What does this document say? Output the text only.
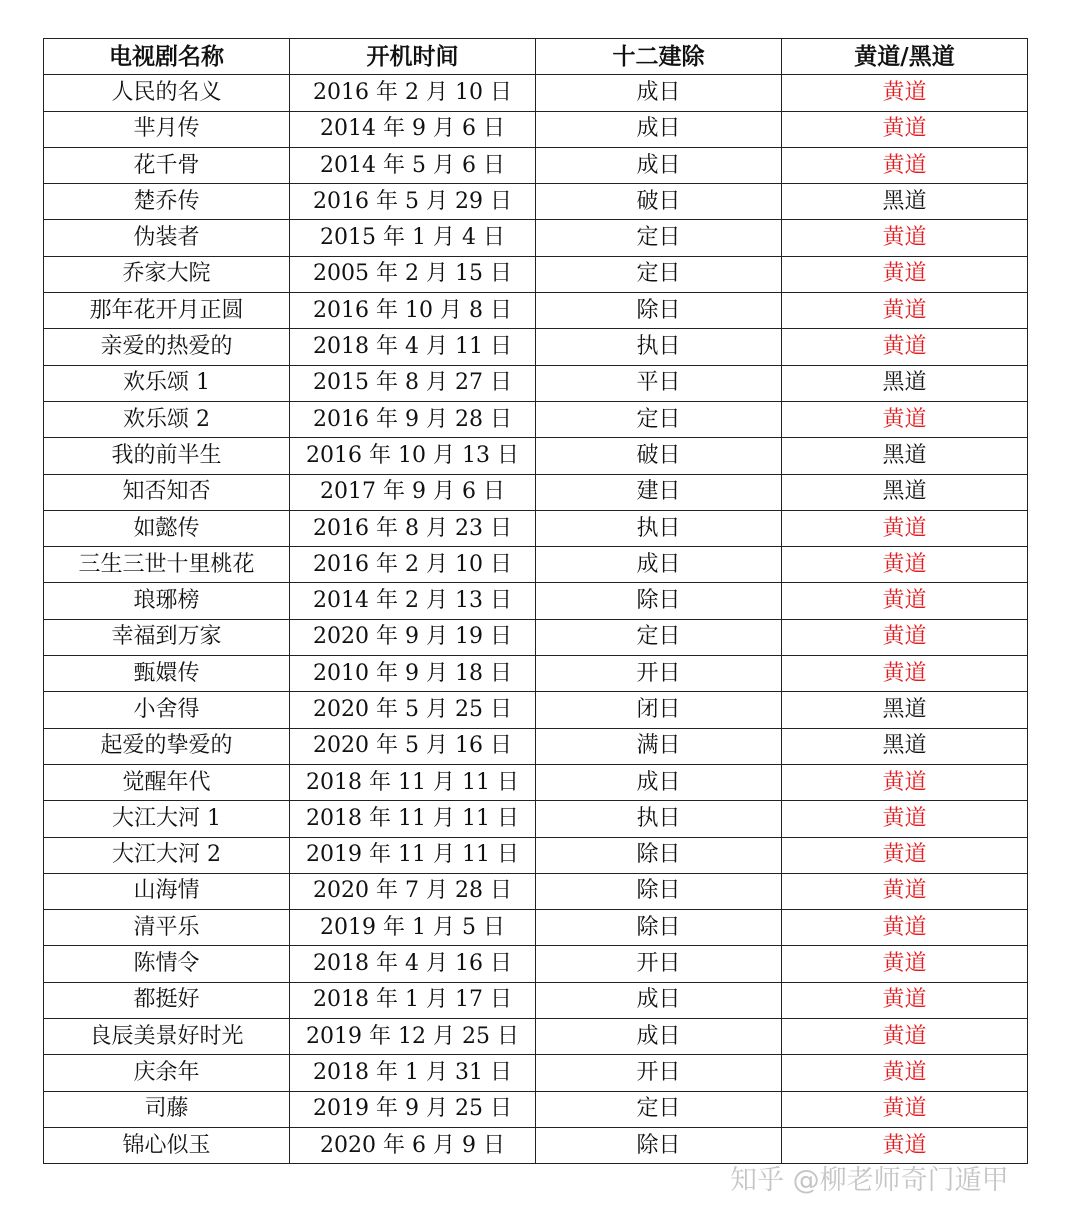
电视剧名称	开机时间	十二建除	黄道/黑道
人民的名义	2016 年 2 月 10 日	成日	黄道
芈月传	2014 年 9 月 6 日	成日	黄道
花千骨	2014 年 5 月 6 日	成日	黄道
楚乔传	2016 年 5 月 29 日	破日	黑道
伪装者	2015 年 1 月 4 日	定日	黄道
乔家大院	2005 年 2 月 15 日	定日	黄道
那年花开月正圆	2016 年 10 月 8 日	除日	黄道
亲爱的热爱的	2018 年 4 月 11 日	执日	黄道
欢乐颂 1	2015 年 8 月 27 日	平日	黑道
欢乐颂 2	2016 年 9 月 28 日	定日	黄道
我的前半生	2016 年 10 月 13 日	破日	黑道
知否知否	2017 年 9 月 6 日	建日	黑道
如懿传	2016 年 8 月 23 日	执日	黄道
三生三世十里桃花	2016 年 2 月 10 日	成日	黄道
琅琊榜	2014 年 2 月 13 日	除日	黄道
幸福到万家	2020 年 9 月 19 日	定日	黄道
甄嬛传	2010 年 9 月 18 日	开日	黄道
小舍得	2020 年 5 月 25 日	闭日	黑道
起爱的挚爱的	2020 年 5 月 16 日	满日	黑道
觉醒年代	2018 年 11 月 11 日	成日	黄道
大江大河 1	2018 年 11 月 11 日	执日	黄道
大江大河 2	2019 年 11 月 11 日	除日	黄道
山海情	2020 年 7 月 28 日	除日	黄道
清平乐	2019 年 1 月 5 日	除日	黄道
陈情令	2018 年 4 月 16 日	开日	黄道
都挺好	2018 年 1 月 17 日	成日	黄道
良辰美景好时光	2019 年 12 月 25 日	成日	黄道
庆余年	2018 年 1 月 31 日	开日	黄道
司藤	2019 年 9 月 25 日	定日	黄道
锦心似玉	2020 年 6 月 9 日	除日	黄道
知乎 @柳老师奇门遁甲
